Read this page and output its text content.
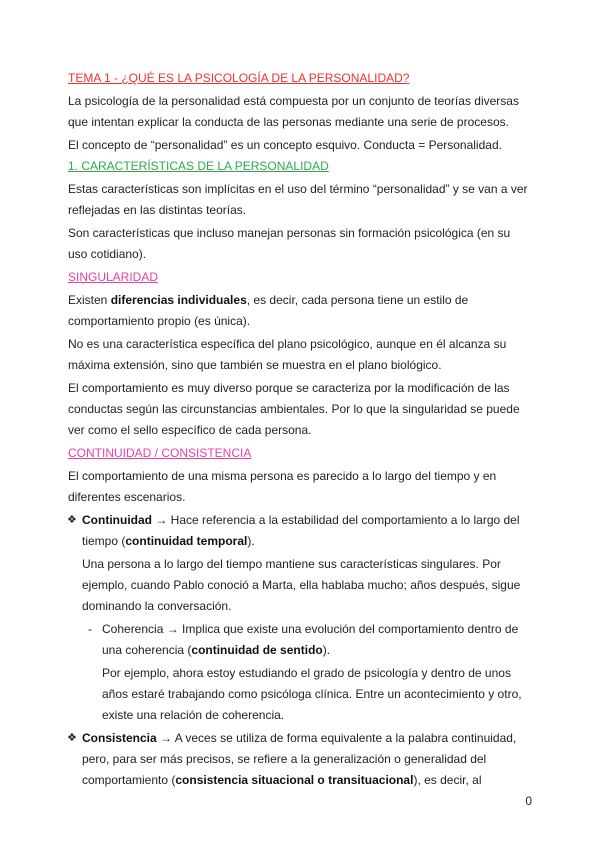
TEMA 1 - ¿QUÉ ES LA PSICOLOGÍA DE LA PERSONALIDAD?

La psicología de la personalidad está compuesta por un conjunto de teorías diversas que intentan explicar la conducta de las personas mediante una serie de procesos.

El concepto de “personalidad” es un concepto esquivo. Conducta = Personalidad.

1. CARACTERÍSTICAS DE LA PERSONALIDAD

Estas características son implícitas en el uso del término “personalidad” y se van a ver reflejadas en las distintas teorías.

Son características que incluso manejan personas sin formación psicológica (en su uso cotidiano).

SINGULARIDAD

Existen diferencias individuales, es decir, cada persona tiene un estilo de comportamiento propio (es única).

No es una característica específica del plano psicológico, aunque en él alcanza su máxima extensión, sino que también se muestra en el plano biológico.

El comportamiento es muy diverso porque se caracteriza por la modificación de las conductas según las circunstancias ambientales. Por lo que la singularidad se puede ver como el sello específico de cada persona.

CONTINUIDAD / CONSISTENCIA

El comportamiento de una misma persona es parecido a lo largo del tiempo y en diferentes escenarios.

❖ Continuidad → Hace referencia a la estabilidad del comportamiento a lo largo del tiempo (continuidad temporal).

Una persona a lo largo del tiempo mantiene sus características singulares. Por ejemplo, cuando Pablo conoció a Marta, ella hablaba mucho; años después, sigue dominando la conversación.

- Coherencia → Implica que existe una evolución del comportamiento dentro de una coherencia (continuidad de sentido).

Por ejemplo, ahora estoy estudiando el grado de psicología y dentro de unos años estaré trabajando como psicóloga clínica. Entre un acontecimiento y otro, existe una relación de coherencia.

❖ Consistencia → A veces se utiliza de forma equivalente a la palabra continuidad, pero, para ser más precisos, se refiere a la generalización o generalidad del comportamiento (consistencia situacional o transituacional), es decir, al
0
